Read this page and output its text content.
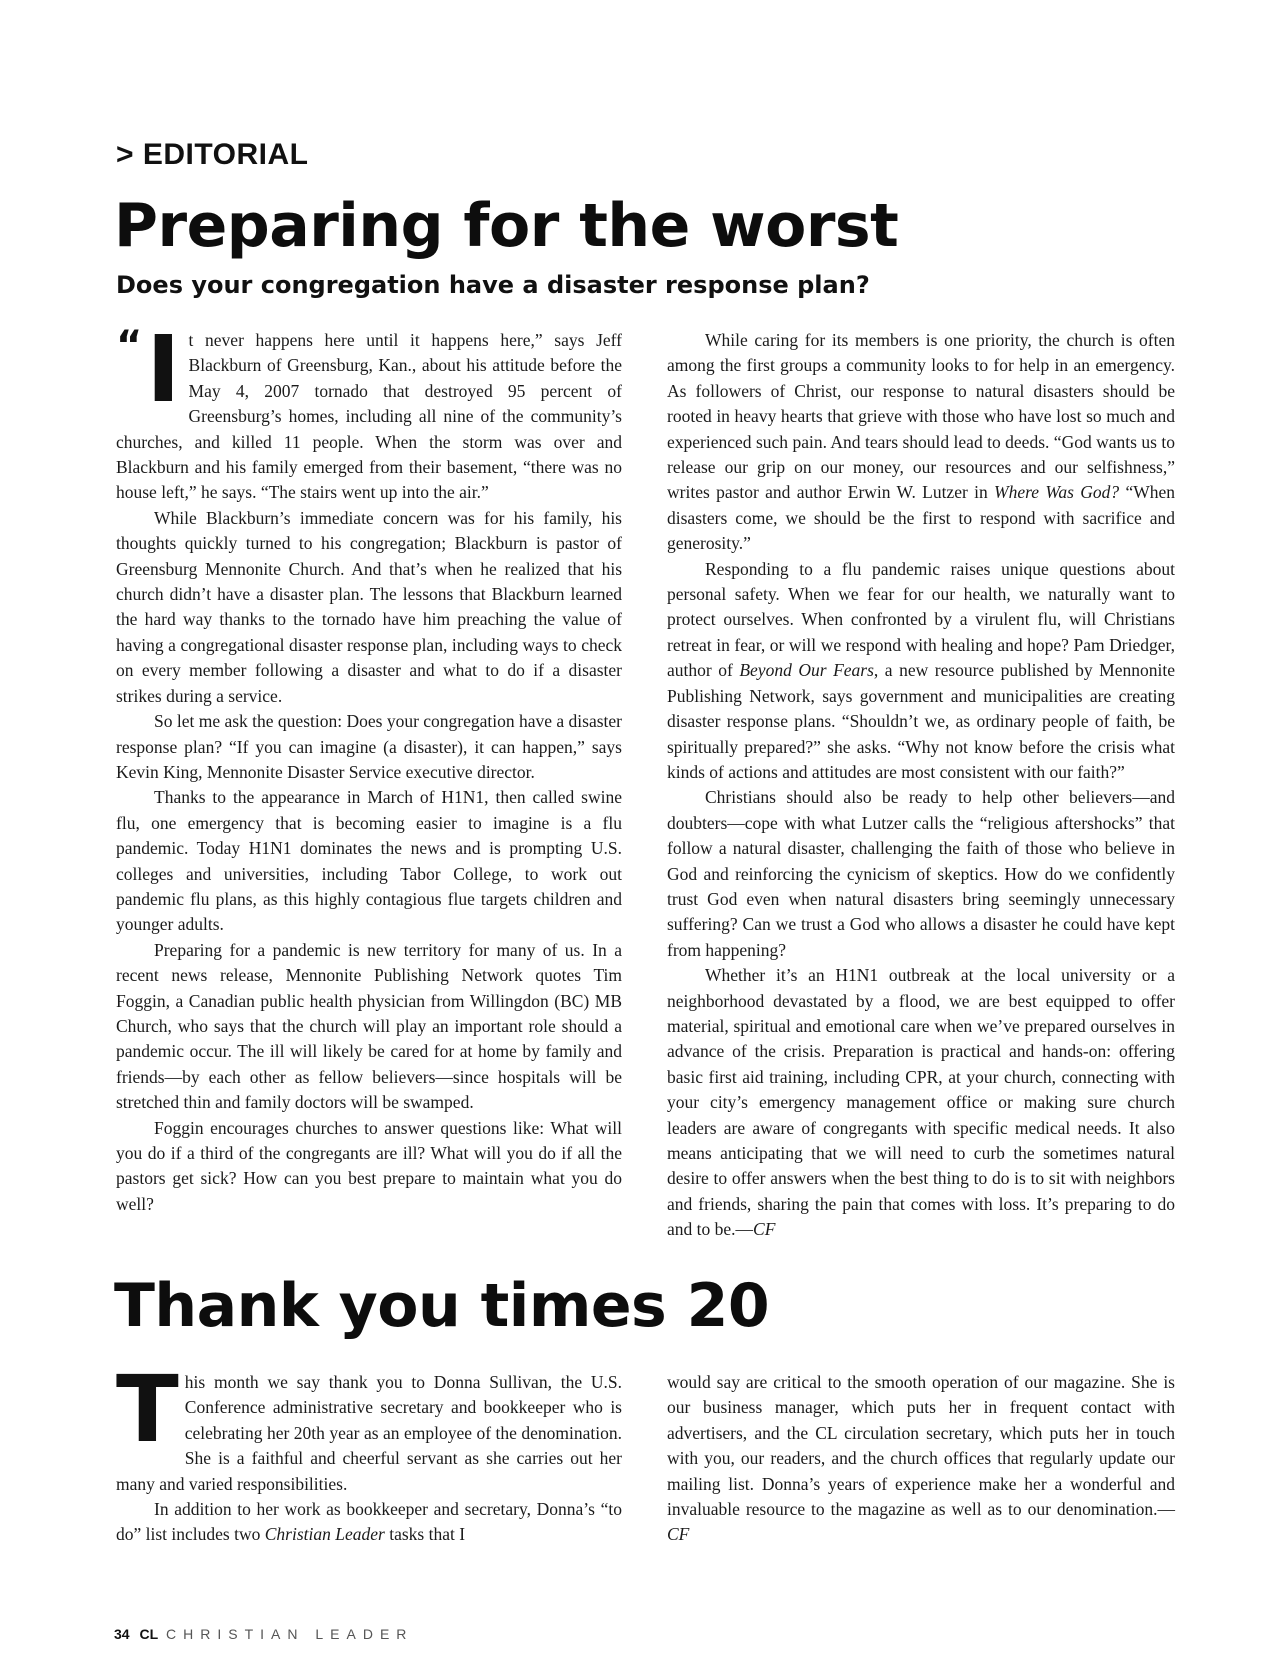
> EDITORIAL
Preparing for the worst
Does your congregation have a disaster response plan?

“ I t never happens here until it happens here,” says Jeff Blackburn of Greensburg, Kan., about his attitude before the May 4, 2007 tornado that destroyed 95 percent of Greensburg’s homes, including all nine of the community’s churches, and killed 11 people. When the storm was over and Blackburn and his family emerged from their basement, “there was no house left,” he says. “The stairs went up into the air.”

While Blackburn’s immediate concern was for his family, his thoughts quickly turned to his congregation; Blackburn is pastor of Greensburg Mennonite Church. And that’s when he realized that his church didn’t have a disaster plan. The lessons that Blackburn learned the hard way thanks to the tornado have him preaching the value of having a congregational disaster response plan, including ways to check on every member following a disaster and what to do if a disaster strikes during a service.

So let me ask the question: Does your congregation have a disaster response plan? “If you can imagine (a disaster), it can happen,” says Kevin King, Mennonite Disaster Service executive director.

Thanks to the appearance in March of H1N1, then called swine flu, one emergency that is becoming easier to imagine is a flu pandemic. Today H1N1 dominates the news and is prompting U.S. colleges and universities, including Tabor College, to work out pandemic flu plans, as this highly contagious flue targets children and younger adults.

Preparing for a pandemic is new territory for many of us. In a recent news release, Mennonite Publishing Network quotes Tim Foggin, a Canadian public health physician from Willingdon (BC) MB Church, who says that the church will play an important role should a pandemic occur. The ill will likely be cared for at home by family and friends—by each other as fellow believers—since hospitals will be stretched thin and family doctors will be swamped.

Foggin encourages churches to answer questions like: What will you do if a third of the congregants are ill? What will you do if all the pastors get sick? How can you best prepare to maintain what you do well?

While caring for its members is one priority, the church is often among the first groups a community looks to for help in an emergency. As followers of Christ, our response to natural disasters should be rooted in heavy hearts that grieve with those who have lost so much and experienced such pain. And tears should lead to deeds. “God wants us to release our grip on our money, our resources and our selfishness,” writes pastor and author Erwin W. Lutzer in Where Was God? “When disasters come, we should be the first to respond with sacrifice and generosity.”

Responding to a flu pandemic raises unique questions about personal safety. When we fear for our health, we naturally want to protect ourselves. When confronted by a virulent flu, will Christians retreat in fear, or will we respond with healing and hope? Pam Driedger, author of Beyond Our Fears, a new resource published by Mennonite Publishing Network, says government and municipalities are creating disaster response plans. “Shouldn’t we, as ordinary people of faith, be spiritually prepared?” she asks. “Why not know before the crisis what kinds of actions and attitudes are most consistent with our faith?”

Christians should also be ready to help other believers—and doubters—cope with what Lutzer calls the “religious aftershocks” that follow a natural disaster, challenging the faith of those who believe in God and reinforcing the cynicism of skeptics. How do we confidently trust God even when natural disasters bring seemingly unnecessary suffering? Can we trust a God who allows a disaster he could have kept from happening?

Whether it’s an H1N1 outbreak at the local university or a neighborhood devastated by a flood, we are best equipped to offer material, spiritual and emotional care when we’ve prepared ourselves in advance of the crisis. Preparation is practical and hands-on: offering basic first aid training, including CPR, at your church, connecting with your city’s emergency management office or making sure church leaders are aware of congregants with specific medical needs. It also means anticipating that we will need to curb the sometimes natural desire to offer answers when the best thing to do is to sit with neighbors and friends, sharing the pain that comes with loss. It’s preparing to do and to be.—CF

Thank you times 20

This month we say thank you to Donna Sullivan, the U.S. Conference administrative secretary and bookkeeper who is celebrating her 20th year as an employee of the denomination. She is a faithful and cheerful servant as she carries out her many and varied responsibilities.

In addition to her work as bookkeeper and secretary, Donna’s “to do” list includes two Christian Leader tasks that I

would say are critical to the smooth operation of our magazine. She is our business manager, which puts her in frequent contact with advertisers, and the CL circulation secretary, which puts her in touch with you, our readers, and the church offices that regularly update our mailing list. Donna’s years of experience make her a wonderful and invaluable resource to the magazine as well as to our denomination.—CF

34 CL CHRISTIAN LEADER
